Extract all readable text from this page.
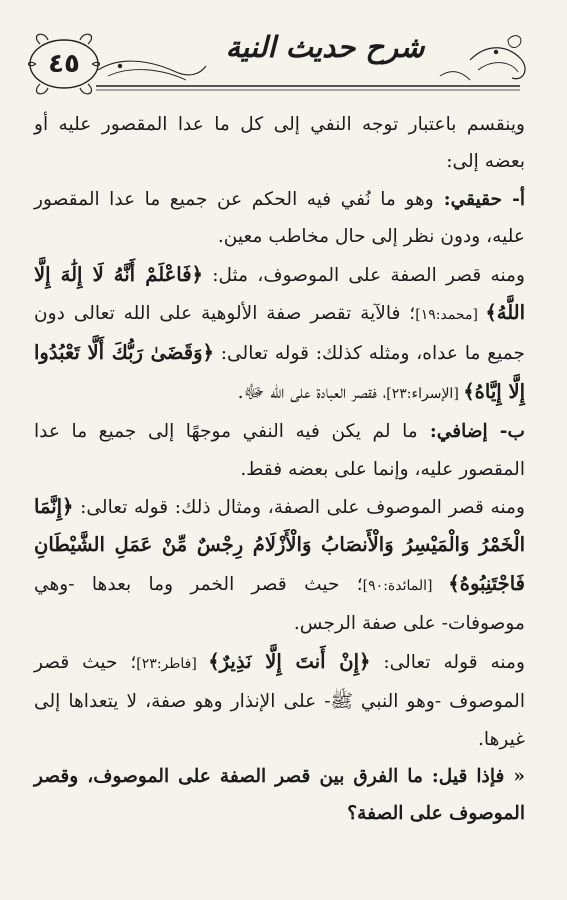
٤٥	شرح حديث النية

وينقسم باعتبار توجه النفي إلى كل ما عدا المقصور عليه أو بعضه إلى:

أ- حقيقي: وهو ما نُفي فيه الحكم عن جميع ما عدا المقصور عليه، ودون نظر إلى حال مخاطب معين.

ومنه قصر الصفة على الموصوف، مثل: ﴿فَاعْلَمْ أَنَّهُ لَا إِلَٰهَ إِلَّا اللَّهُ﴾ [محمد:١٩]؛ فالآية تقصر صفة الألوهية على الله تعالى دون جميع ما عداه، ومثله كذلك: قوله تعالى: ﴿وَقَضَىٰ رَبُّكَ أَلَّا تَعْبُدُوا إِلَّا إِيَّاهُ﴾ [الإسراء:٢٣]، فقصر العبادة على الله ﷻ.

ب- إضافي: ما لم يكن فيه النفي موجهًا إلى جميع ما عدا المقصور عليه، وإنما على بعضه فقط.

ومنه قصر الموصوف على الصفة، ومثال ذلك: قوله تعالى: ﴿إِنَّمَا الْخَمْرُ وَالْمَيْسِرُ وَالْأَنصَابُ وَالْأَزْلَامُ رِجْسٌ مِّنْ عَمَلِ الشَّيْطَانِ فَاجْتَنِبُوهُ﴾ [المائدة:٩٠]؛ حيث قصر الخمر وما بعدها -وهي موصوفات- على صفة الرجس.

ومنه قوله تعالى: ﴿إِنْ أَنتَ إِلَّا نَذِيرٌ﴾ [فاطر:٢٣]؛ حيث قصر الموصوف -وهو النبي ﷺ- على الإنذار وهو صفة، لا يتعداها إلى غيرها.

« فإذا قيل: ما الفرق بين قصر الصفة على الموصوف، وقصر الموصوف على الصفة؟
